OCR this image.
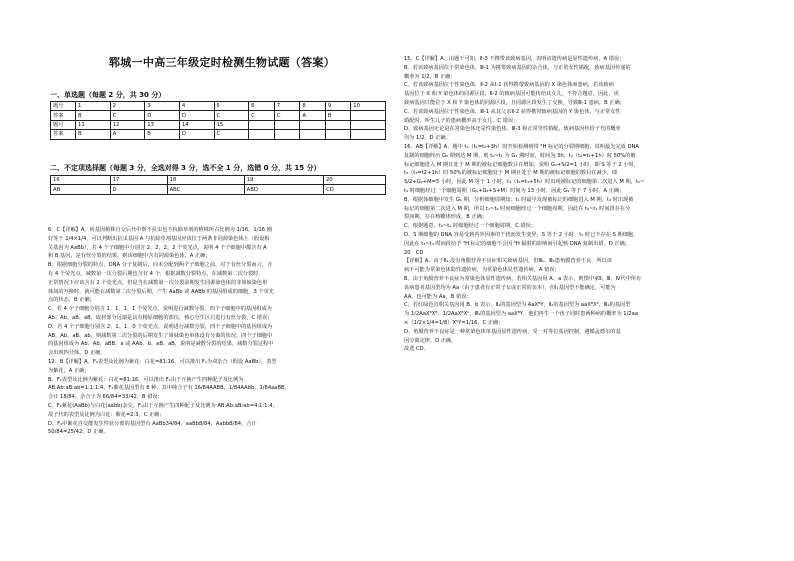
郓城一中高三年级定时检测生物试题（答案）
一、单选题（每题 2 分，共 30 分）
题号	1	2	3	4	5	6	7	8	9	10
答案	B	C	D	D	C	C	C	A	B	
题号	11	12	13	14	15					
答案	B	A	B	D	C					
二、不定项选择题（每题 3 分，全选对得 3 分，选不全 1 分，选错 0 分，共 15 分）
16	17	18	19	20
AB	D	ABC	ABD	CD
6．C【详解】A、转基因植株自交后代中既不抗虫也不抗除草剂的植株所占比例为 1/16，1/16 刚
好等于 1/4×1/4，可以判断出抗虫基因 A 与抗除草剂基因应该位于两条非同源染色体上（假设相
关基因为 AaBb），若 4 个子细胞中分别含 2、2、2、2 个荧光点，说明 4 个子细胞中都含有 A
和 B 基因，是有丝分裂的结果，则该细胞中含有同源染色体，A 正确；
B、根据细胞分裂的特点，DNA 分子复制后，向未分配到两个子细胞之前，对于有丝分裂而言，含
有 4 个荧光点，减数第一次分裂后期也含有 4 个，根据减数分裂特点，在减数第二次分裂时，
正常情况下应该含有 2 个荧光点，但是当在减数第一次分裂前期发生同源染色体的非姐妹染色单
体间的互换时，就可能在减数第二次分裂后期，产生 AaBb 或 AABb 的基因组成的细胞，3 个荧光
点的状态，B 正确；
C、若 4 个子细胞分别含 1、1、1、1 个荧光点，说明进行减数分裂，四个子细胞中的基因组成为
Ab、Ab、aB、aB，取材部分远端是具有精原细胞的部位，核心分生区只进行有丝分裂，C 错误；
D、若 4 个子细胞分别含 2、1、1、0 个荧光点，说明进行减数分裂，四个子细胞中的基因组成为
AB、Ab、aB、ab，则减数第二次分裂的后期发生了姐妹染色单体没有分离的状况，四个子细胞中
的基因组成为 Ab、Ab、aBB、a 或 AAb、b、aB、aB，说明是减数分裂的结果，减数分裂过程中
会出现四分体，D 正确。
12．B【详解】A、F₂表型及比例为紫花：白花=81:16，可以推出 F₁为双杂合（假设 AaBb），表型
为紫花，A 正确；
B、F₂表型及比例为紫花：白花=81:16，可以推出 F₁由于互换产生四种配子及比例为
AB:Ab:aB:ab=1:1:1:4，F₂紫花基因型有 8 种，其中纯合子有 16/84AABB、1/84AAbb、1/84aaBB，
合计 18/84，杂合子为 66/84=33/42，B 错误；
C、F₂紫花(AaBb)与白花(aabb)杂交，F₁由于互换产生四种配子及比例为 AB:Ab:aB:ab=4:1:1:4，
故子代的表型及比例为白花：紫花=2:3，C 正确；
D、F₂中紫花自交能发生性状分离的基因型有 AaBb34/84、aaBb8/84、AabbB/84，合计
50/84=25/42，D 正确。
15．C【详解】A、由题干可知，Ⅱ-3 不携带该致病基因，表明该遗传病是显性遗传病，A 错误；
B、若该致病基因位于常染色体，Ⅲ-1 为携带致病基因的杂合体，与正常女性婚配，致病基因传递的
概率为 1/2，B 正确；
C、若该致病基因位于性染色体，Ⅱ-2 从Ⅰ-1 获得携带致病基因的 X 染色体而患病，若该致病
基因位于 X 和 Y 染色体的同源区段，Ⅱ-2 的致病基因可能传给其女儿，不符合题意。因此，该
致病基因只能位于 X 和 Y 染色体的同源区段，且同源区段发生了交换，导致Ⅲ-1 患病，B 正确；
C、若该致病基因位于性染色体，Ⅲ-1 从其父亲Ⅱ-2 获得携带致病基因的 Y 染色体，与正常女性
婚配时，所生儿子的患病概率高于女儿，C 错误；
D、致病基因无论是在常染色体还是性染色体，Ⅲ-3 和正常男性婚配，致病基因传给子代的概率
均为 1/2，D 正确。
16．AB【详解】A、题中 t₁（t₁=t₀+3h）时开始检测到带 ³H 标记的分裂期细胞，说明最先完成 DNA
复制的细胞经历 G₂ 期到达 M 期，则 t₀~t₁ 为 G₂ 期时间，时间为 3h；t₂（t₂=t₁+1h）时 50%的被
标记细胞进入 M 期且处于 M 期的被标记细胞数目在增加，说明 G₂+S/2=1 小时，即 S 等于 2 小时，
t₃（t₃=t2+1h）时 50%的被标记细胞处于 M 期且处于 M 期的被标记细胞的数目在减少，即
S/2+G₂+M=5 小时，因此 M 等于 1 小时，t₄（t₄=t₃+5h）时出现被标记的细胞第二次进入 M 期，t₀~
t₄ 时细胞经过一个细胞周期（G₁+G₂+S+M）时间为 13 小时，因此 G₁ 等于 7 小时，A 正确；
B、根据体细胞中发生 G₁ 期，分析细胞周期知：t₁ 时最早发现被标记的细胞进入 M 期，t₄ 时出现被
标记的细胞第二次进入 M 期，所以 t₁~t₄ 时间细胞经过一个细胞周期，因此在 t₀~t₁ 时间段存在分
裂间期，存在核糖体形成，B 正确；
C、根据题意，t₀~t₁ 时细胞经过一个细胞周期，C 错误；
D、S 期细胞的 DNA 容易受到内外因素的干扰而发生变异，S 等于 2 小时，t₃ 时已不存在 S 期细胞，
因此在 t₃~t₄ 时间段给予 ³H 标记的细胞不会因 ³H 辐射的影响而引起核 DNA 复制出错，D 正确。
20．CD
【详解】A、由于Ⅱ₁ 没有角膜营养不良症相关致病基因，但Ⅲ₁、Ⅲ₂患角膜营养不良，所以该
病不可能为常染色体隐性遗传病，为常染色体显性遗传病，A 错误；
B、由于角膜营养不良症为常染色体显性遗传病，若相关基因用 A、a 表示，则图中家Ⅱ、Ⅲ、Ⅳ代中所有
该病患者基因型均为 Aa（由于患者有正常子女或正常的亲本），但Ⅰ₁基因型不能确定，可能为
AA，也可能为 Aa，B 错误；
C、若红绿色盲相关基因用 B、b 表示，Ⅱ₁的基因型为 AaXᴮY，Ⅱ₂的基因型为 aaXᴮXᵇ，Ⅲ₂的基因型
为 1/2AaXᴮXᴮ、1/2AaXᴮXᵇ，Ⅲ₁的基因型为 aaXᴮY，他们再生一个孩子同时患两种病的概率为 1/2aa
×（1/2×1/4=1/8）XᵇY=1/16，C 正确；
D、角膜营养不良症是一种常染色体单基因显性遗传病，受一对等位基因控制，遵循孟德尔的基
因分离定律，D 正确。
故选 CD。
